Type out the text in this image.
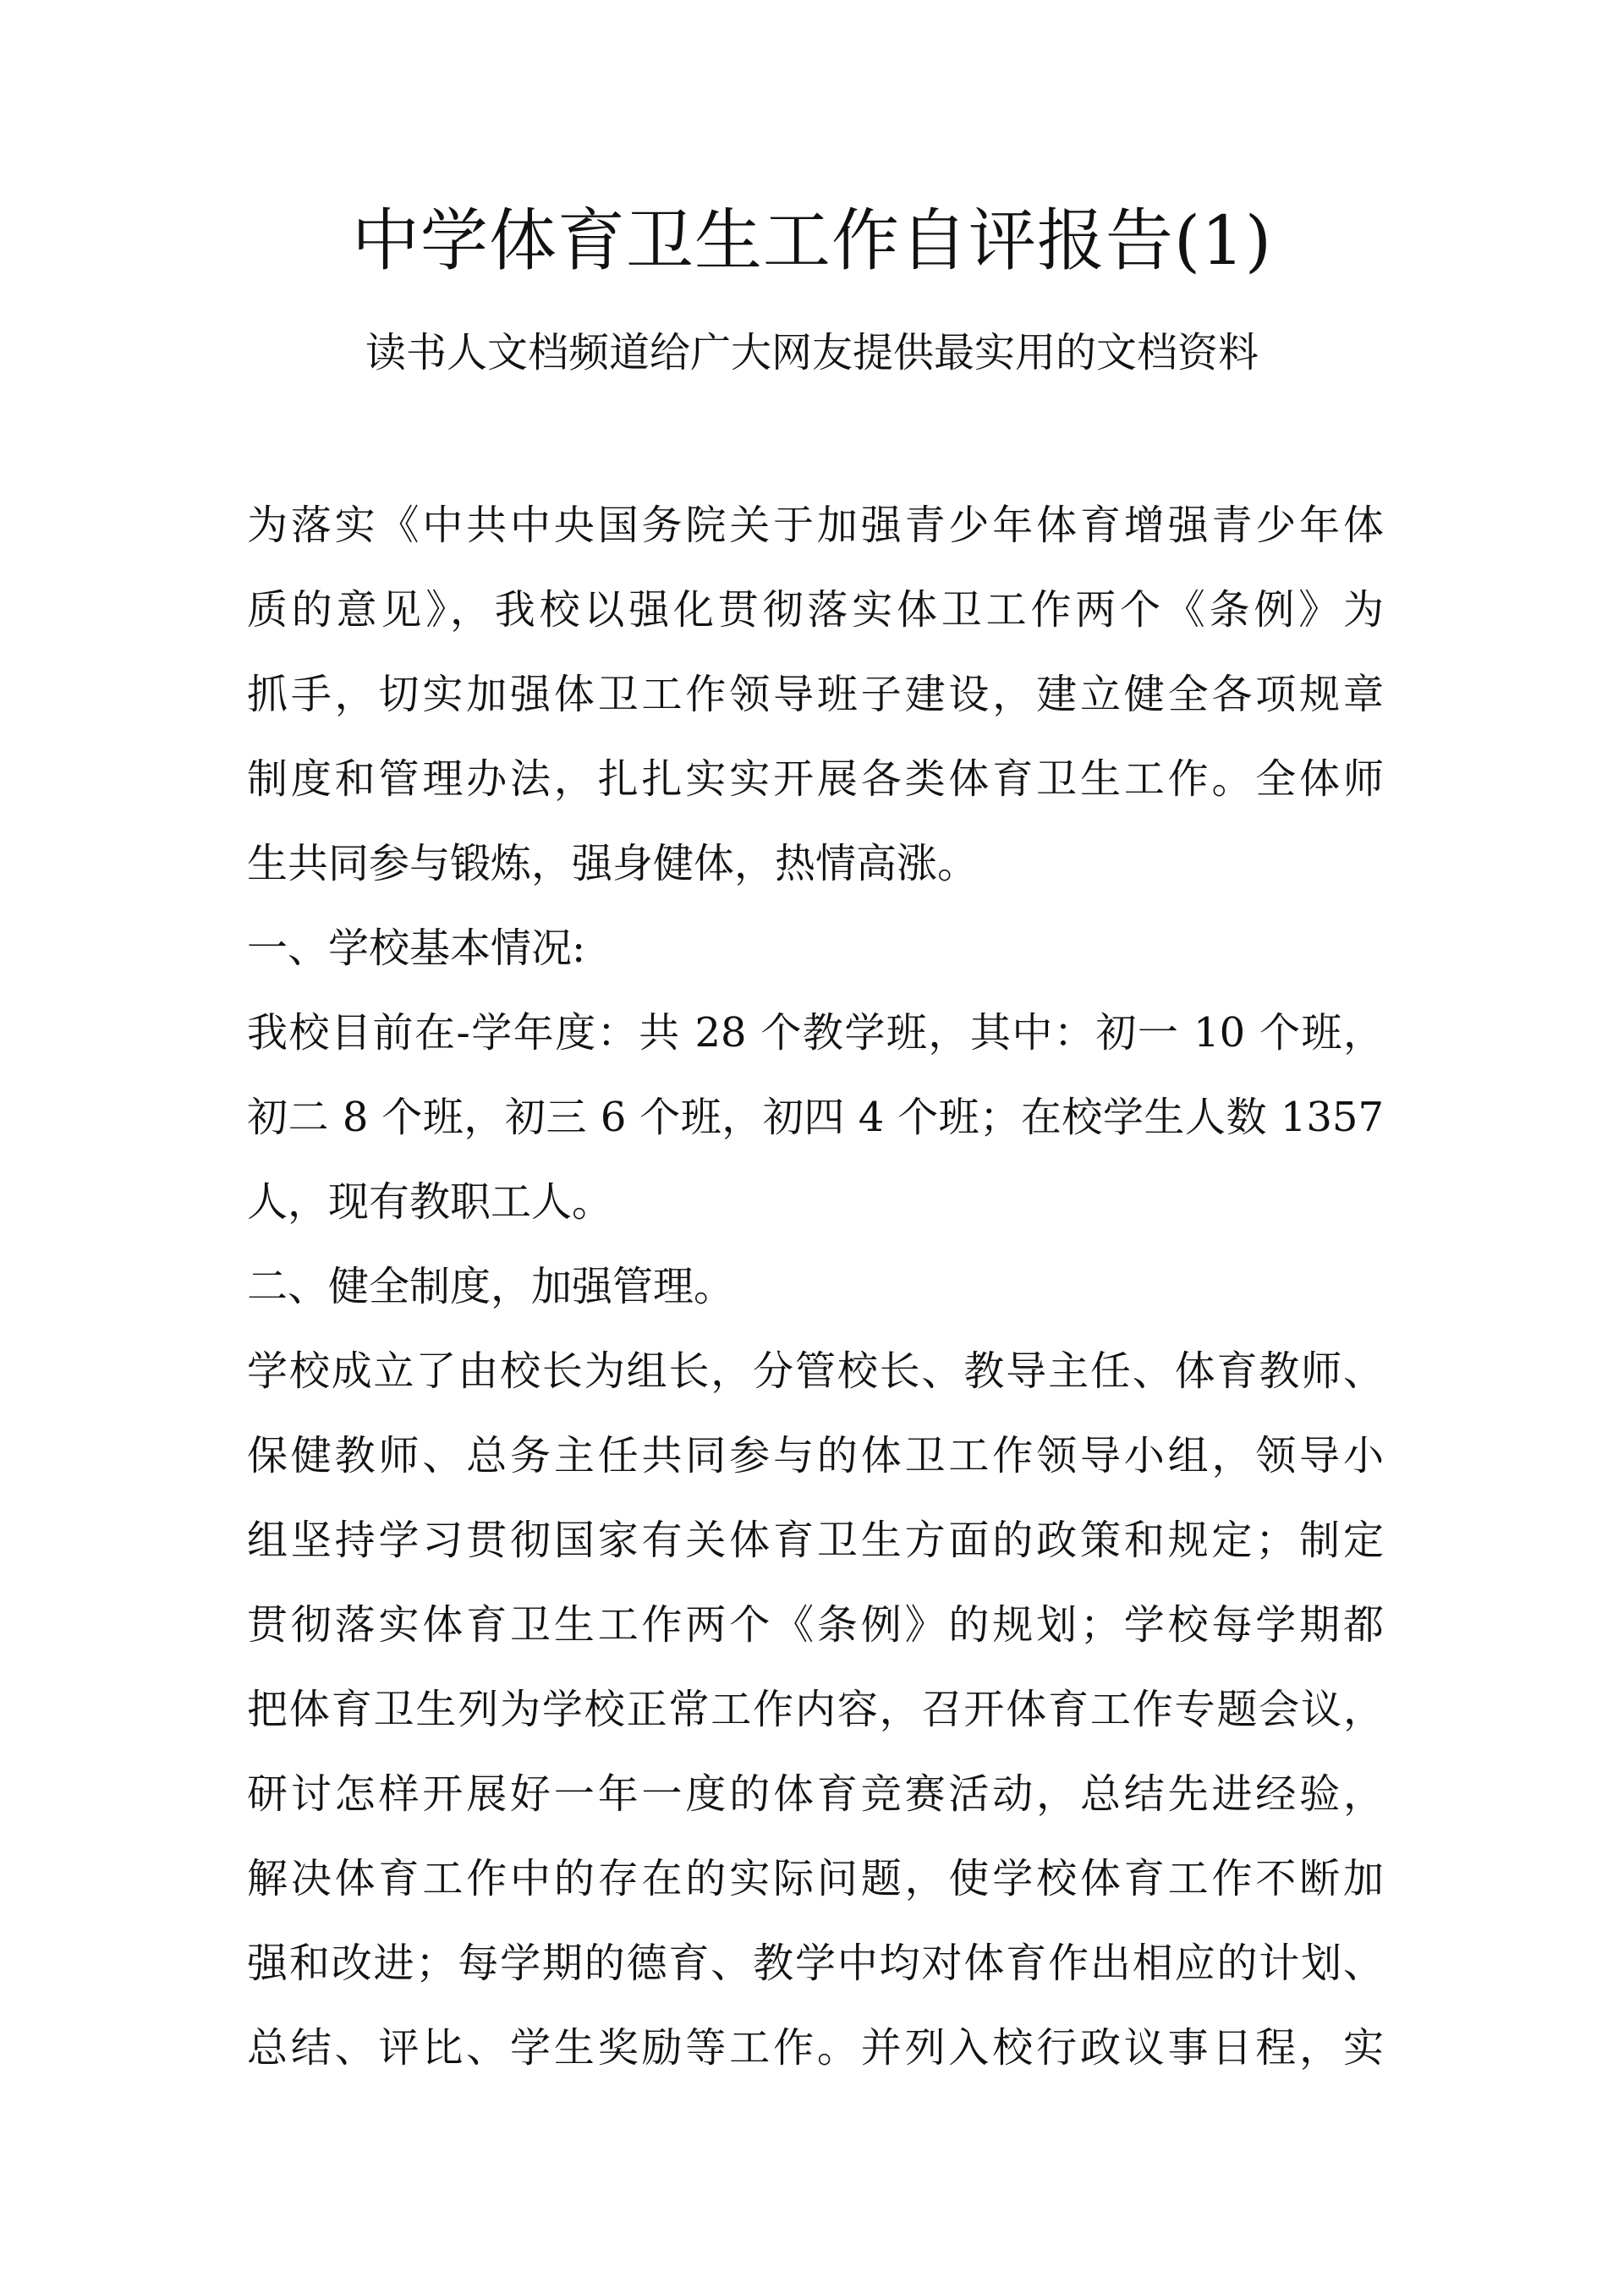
中学体育卫生工作自评报告(1)

读书人文档频道给广大网友提供最实用的文档资料

为落实《中共中央国务院关于加强青少年体育增强青少年体

质的意见》，我校以强化贯彻落实体卫工作两个《条例》为

抓手，切实加强体卫工作领导班子建设，建立健全各项规章

制度和管理办法，扎扎实实开展各类体育卫生工作。全体师

生共同参与锻炼，强身健体，热情高涨。

一、学校基本情况:

我校目前在-学年度：共 28 个教学班，其中：初一 10 个班，

初二 8 个班，初三 6 个班，初四 4 个班；在校学生人数 1357

人，现有教职工人。

二、健全制度，加强管理。

学校成立了由校长为组长，分管校长、教导主任、体育教师、

保健教师、总务主任共同参与的体卫工作领导小组，领导小

组坚持学习贯彻国家有关体育卫生方面的政策和规定；制定

贯彻落实体育卫生工作两个《条例》的规划；学校每学期都

把体育卫生列为学校正常工作内容，召开体育工作专题会议，

研讨怎样开展好一年一度的体育竞赛活动，总结先进经验，

解决体育工作中的存在的实际问题，使学校体育工作不断加

强和改进；每学期的德育、教学中均对体育作出相应的计划、

总结、评比、学生奖励等工作。并列入校行政议事日程，实
